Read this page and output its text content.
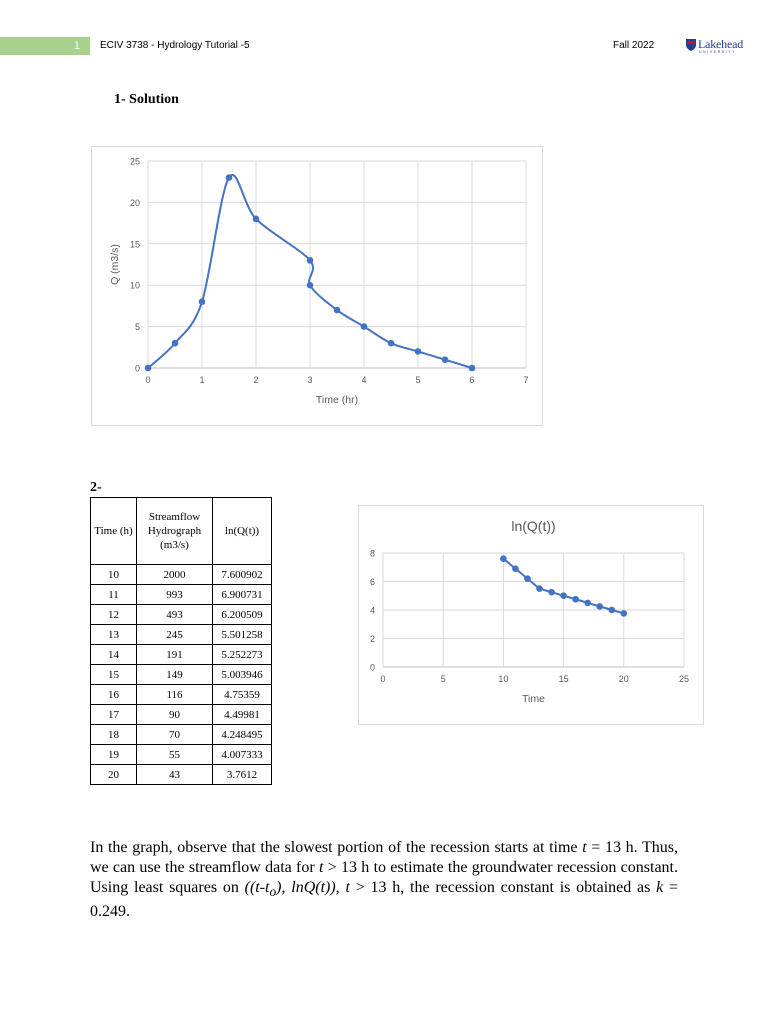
1	ECIV 3738 - Hydrology Tutorial -5	Fall 2022	Lakehead
UNIVERSITY
1- Solution
0
5
10
15
20
25
0	1	2	3	4	5	6	7
Time (hr)
Q (m3/s)
2-
Time (h)	Streamflow Hydrograph (m3/s)	ln(Q(t))
10	2000	7.600902
11	993	6.900731
12	493	6.200509
13	245	5.501258
14	191	5.252273
15	149	5.003946
16	116	4.75359
17	90	4.49981
18	70	4.248495
19	55	4.007333
20	43	3.7612
0
2
4
6
8
0	5	10	15	20	25
Time
ln(Q(t))
In the graph, observe that the slowest portion of the recession starts at time t = 13 h. Thus, we can use the streamflow data for t > 13 h to estimate the groundwater recession constant. Using least squares on ($(t-t_o)$, lnQ(t)), t > 13 h, the recession constant is obtained as k = 0.249.
